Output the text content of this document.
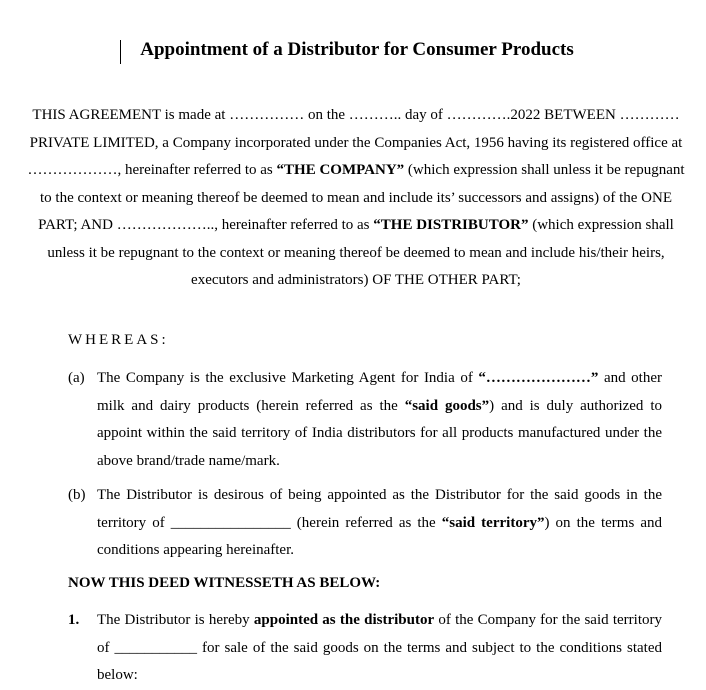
Appointment of a Distributor for Consumer Products

THIS AGREEMENT is made at …………… on the ……….. day of ………….2022 BETWEEN ………… PRIVATE LIMITED, a Company incorporated under the Companies Act, 1956 having its registered office at ………………, hereinafter referred to as “THE COMPANY” (which expression shall unless it be repugnant to the context or meaning thereof be deemed to mean and include its’ successors and assigns) of the ONE PART; AND ……………….., hereinafter referred to as “THE DISTRIBUTOR” (which expression shall unless it be repugnant to the context or meaning thereof be deemed to mean and include his/their heirs, executors and administrators) OF THE OTHER PART;

WHEREAS:
(a) The Company is the exclusive Marketing Agent for India of “…………………” and other milk and dairy products (herein referred as the “said goods”) and is duly authorized to appoint within the said territory of India distributors for all products manufactured under the above brand/trade name/mark.
(b) The Distributor is desirous of being appointed as the Distributor for the said goods in the territory of ________________ (herein referred as the “said territory”) on the terms and conditions appearing hereinafter.
NOW THIS DEED WITNESSETH AS BELOW:
1. The Distributor is hereby appointed as the distributor of the Company for the said territory of ___________ for sale of the said goods on the terms and subject to the conditions stated below:
